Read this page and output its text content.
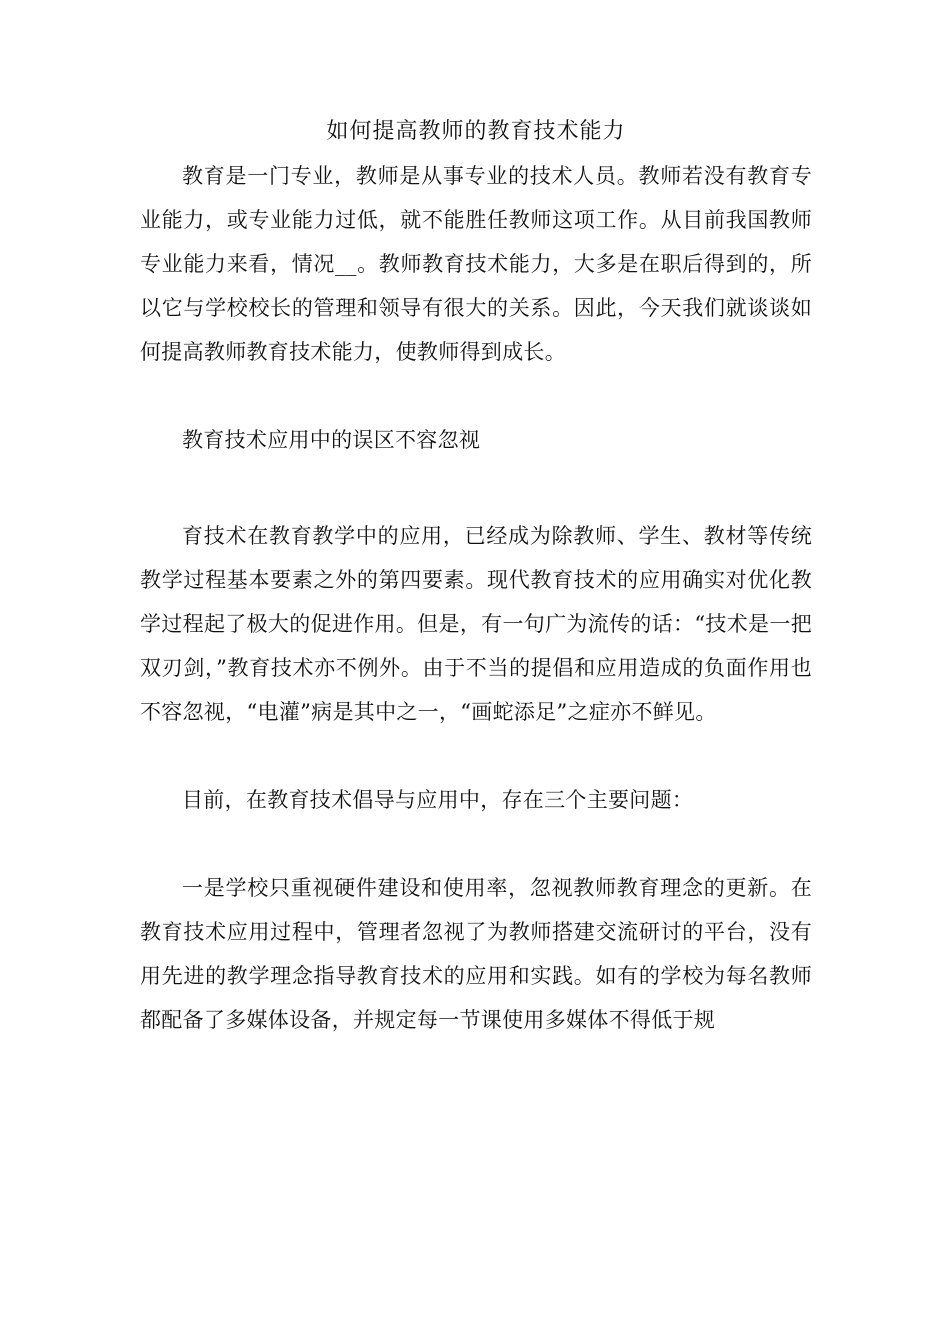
如何提高教师的教育技术能力

教育是一门专业，教师是从事专业的技术人员。教师若没有教育专业能力，或专业能力过低，就不能胜任教师这项工作。从目前我国教师专业能力来看，情况__。教师教育技术能力，大多是在职后得到的，所以它与学校校长的管理和领导有很大的关系。因此，今天我们就谈谈如何提高教师教育技术能力，使教师得到成长。

教育技术应用中的误区不容忽视

育技术在教育教学中的应用，已经成为除教师、学生、教材等传统教学过程基本要素之外的第四要素。现代教育技术的应用确实对优化教学过程起了极大的促进作用。但是，有一句广为流传的话：“技术是一把双刃剑，”教育技术亦不例外。由于不当的提倡和应用造成的负面作用也不容忽视，“电灌”病是其中之一，“画蛇添足”之症亦不鲜见。

目前，在教育技术倡导与应用中，存在三个主要问题：

一是学校只重视硬件建设和使用率，忽视教师教育理念的更新。在教育技术应用过程中，管理者忽视了为教师搭建交流研讨的平台，没有用先进的教学理念指导教育技术的应用和实践。如有的学校为每名教师都配备了多媒体设备，并规定每一节课使用多媒体不得低于规
